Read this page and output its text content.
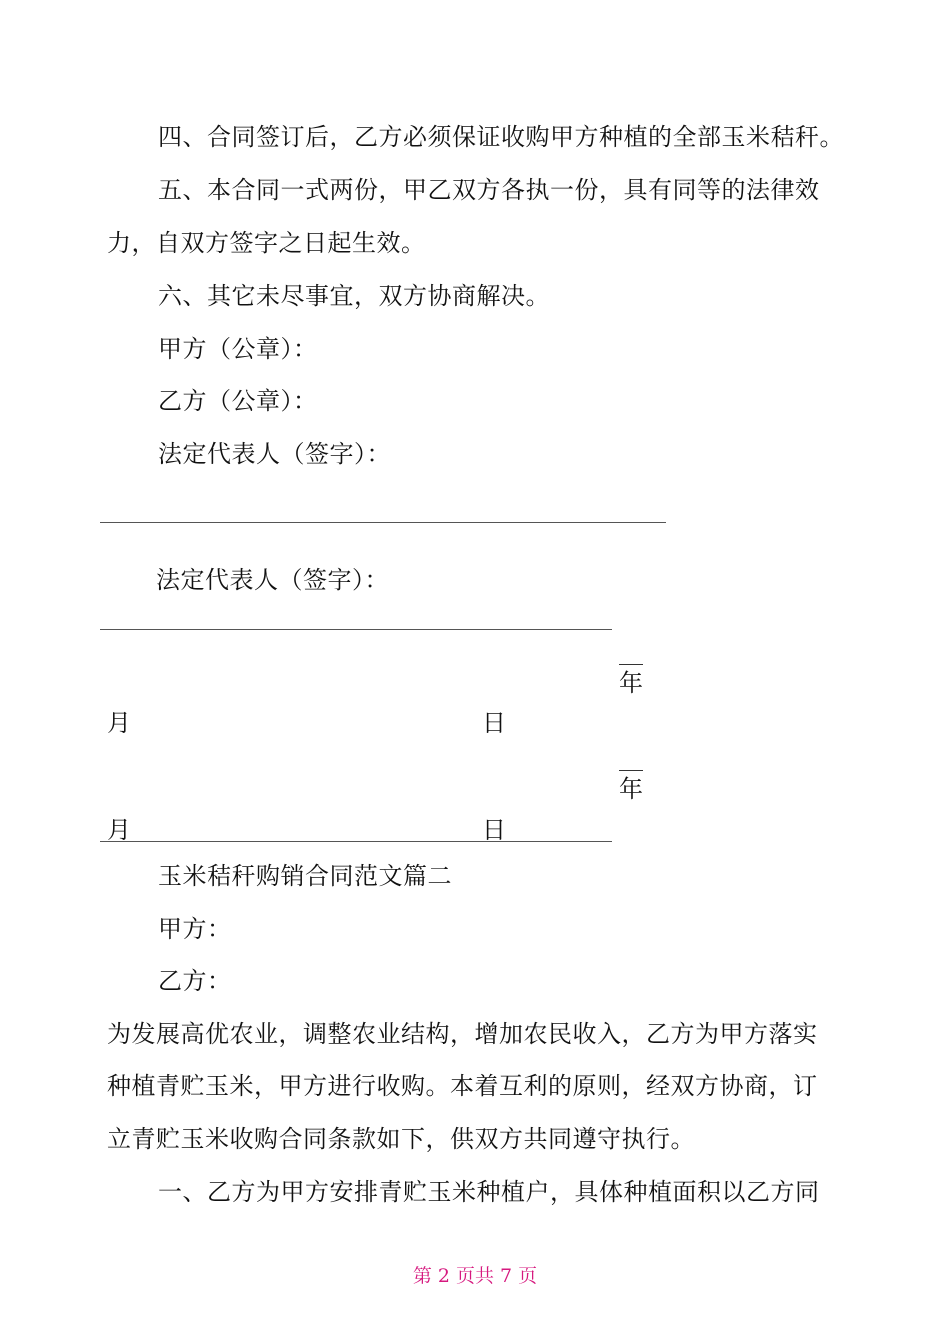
四、合同签订后，乙方必须保证收购甲方种植的全部玉米秸秆。
五、本合同一式两份，甲乙双方各执一份，具有同等的法律效
力，自双方签字之日起生效。
六、其它未尽事宜，双方协商解决。
甲方（公章）：
乙方（公章）：
法定代表人（签字）：
法定代表人（签字）：
年
月	日
年
月	日
玉米秸秆购销合同范文篇二
甲方：
乙方：
为发展高优农业，调整农业结构，增加农民收入，乙方为甲方落实
种植青贮玉米，甲方进行收购。本着互利的原则，经双方协商，订
立青贮玉米收购合同条款如下，供双方共同遵守执行。
一、乙方为甲方安排青贮玉米种植户，具体种植面积以乙方同
第 2 页共 7 页
